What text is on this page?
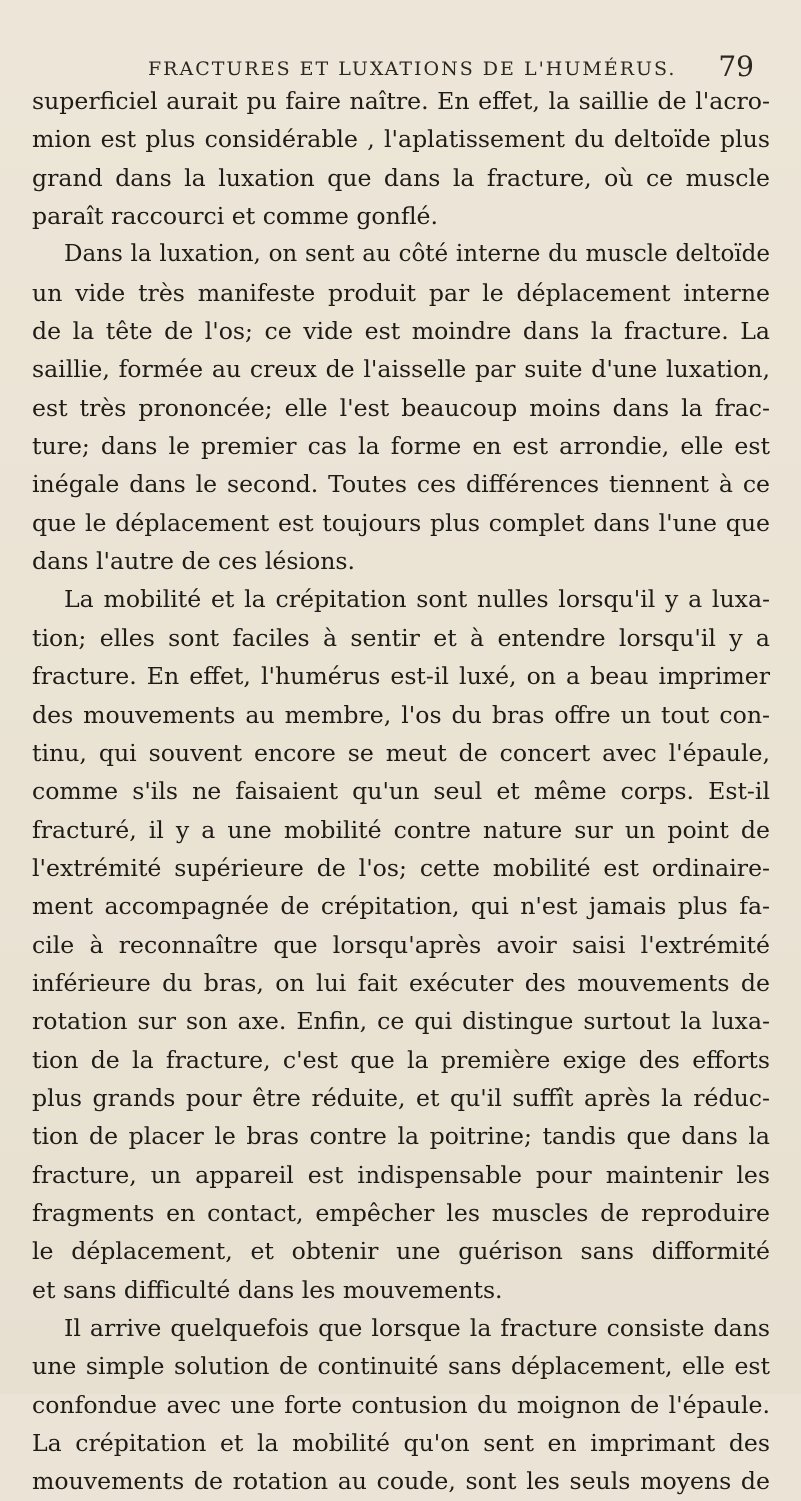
FRACTURES ET LUXATIONS DE L'HUMÉRUS. 79
superficiel aurait pu faire naître. En effet, la saillie de l'acro-
mion est plus considérable , l'aplatissement du deltoïde plus
grand dans la luxation que dans la fracture, où ce muscle
paraît raccourci et comme gonflé.
Dans la luxation, on sent au côté interne du muscle deltoïde
un vide très manifeste produit par le déplacement interne
de la tête de l'os; ce vide est moindre dans la fracture. La
saillie, formée au creux de l'aisselle par suite d'une luxation,
est très prononcée; elle l'est beaucoup moins dans la frac-
ture; dans le premier cas la forme en est arrondie, elle est
inégale dans le second. Toutes ces différences tiennent à ce
que le déplacement est toujours plus complet dans l'une que
dans l'autre de ces lésions.
La mobilité et la crépitation sont nulles lorsqu'il y a luxa-
tion; elles sont faciles à sentir et à entendre lorsqu'il y a
fracture. En effet, l'humérus est-il luxé, on a beau imprimer
des mouvements au membre, l'os du bras offre un tout con-
tinu, qui souvent encore se meut de concert avec l'épaule,
comme s'ils ne faisaient qu'un seul et même corps. Est-il
fracturé, il y a une mobilité contre nature sur un point de
l'extrémité supérieure de l'os; cette mobilité est ordinaire-
ment accompagnée de crépitation, qui n'est jamais plus fa-
cile à reconnaître que lorsqu'après avoir saisi l'extrémité
inférieure du bras, on lui fait exécuter des mouvements de
rotation sur son axe. Enfin, ce qui distingue surtout la luxa-
tion de la fracture, c'est que la première exige des efforts
plus grands pour être réduite, et qu'il suffît après la réduc-
tion de placer le bras contre la poitrine; tandis que dans la
fracture, un appareil est indispensable pour maintenir les
fragments en contact, empêcher les muscles de reproduire
le déplacement, et obtenir une guérison sans difformité
et sans difficulté dans les mouvements.
Il arrive quelquefois que lorsque la fracture consiste dans
une simple solution de continuité sans déplacement, elle est
confondue avec une forte contusion du moignon de l'épaule.
La crépitation et la mobilité qu'on sent en imprimant des
mouvements de rotation au coude, sont les seuls moyens de
